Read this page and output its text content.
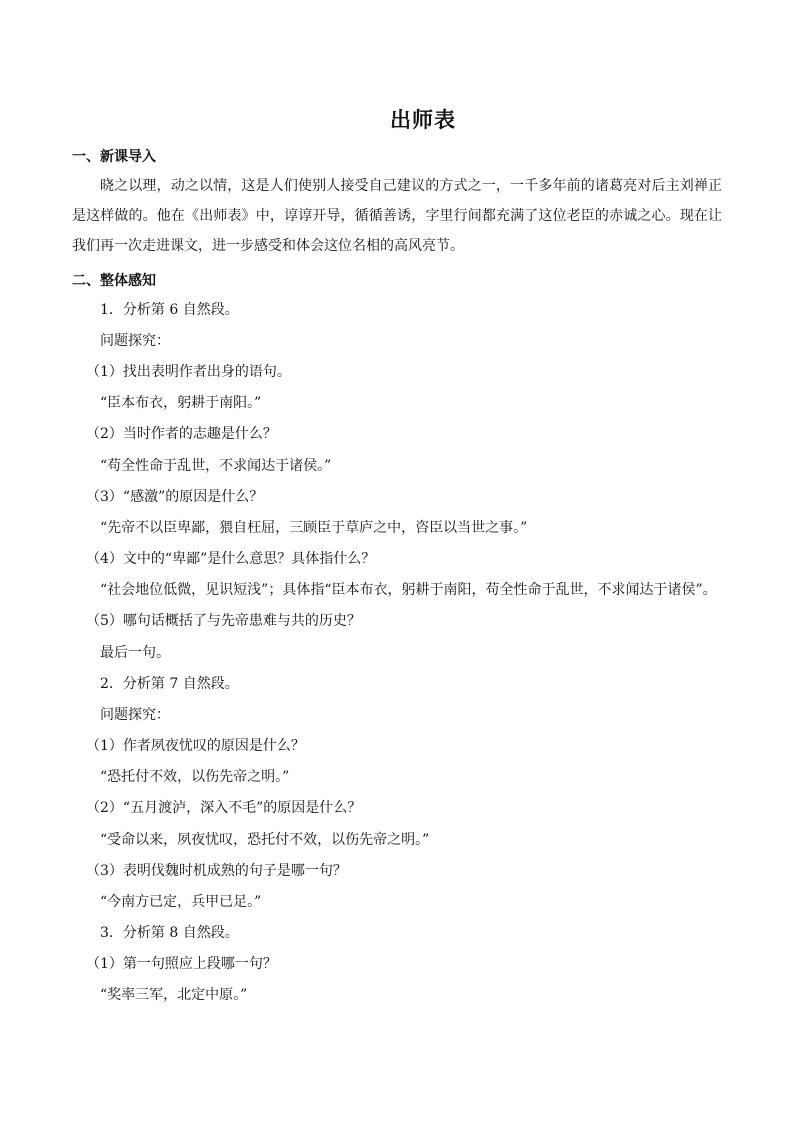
出师表
一、新课导入
晓之以理，动之以情，这是人们使别人接受自己建议的方式之一，一千多年前的诸葛亮对后主刘禅正是这样做的。他在《出师表》中，谆谆开导，循循善诱，字里行间都充满了这位老臣的赤诚之心。现在让我们再一次走进课文，进一步感受和体会这位名相的高风亮节。
二、整体感知
1．分析第 6 自然段。
问题探究：
（1）找出表明作者出身的语句。
“臣本布衣，躬耕于南阳。”
（2）当时作者的志趣是什么？
“苟全性命于乱世，不求闻达于诸侯。”
（3）“感激”的原因是什么？
“先帝不以臣卑鄙，猥自枉屈，三顾臣于草庐之中，咨臣以当世之事。”
（4）文中的“卑鄙”是什么意思？具体指什么？
“社会地位低微，见识短浅”；具体指“臣本布衣，躬耕于南阳，苟全性命于乱世，不求闻达于诸侯”。
（5）哪句话概括了与先帝患难与共的历史？
最后一句。
2．分析第 7 自然段。
问题探究：
（1）作者夙夜忧叹的原因是什么？
“恐托付不效，以伤先帝之明。”
（2）“五月渡泸，深入不毛”的原因是什么？
“受命以来，夙夜忧叹，恐托付不效，以伤先帝之明。”
（3）表明伐魏时机成熟的句子是哪一句？
“今南方已定，兵甲已足。”
3．分析第 8 自然段。
（1）第一句照应上段哪一句？
“奖率三军，北定中原。”
